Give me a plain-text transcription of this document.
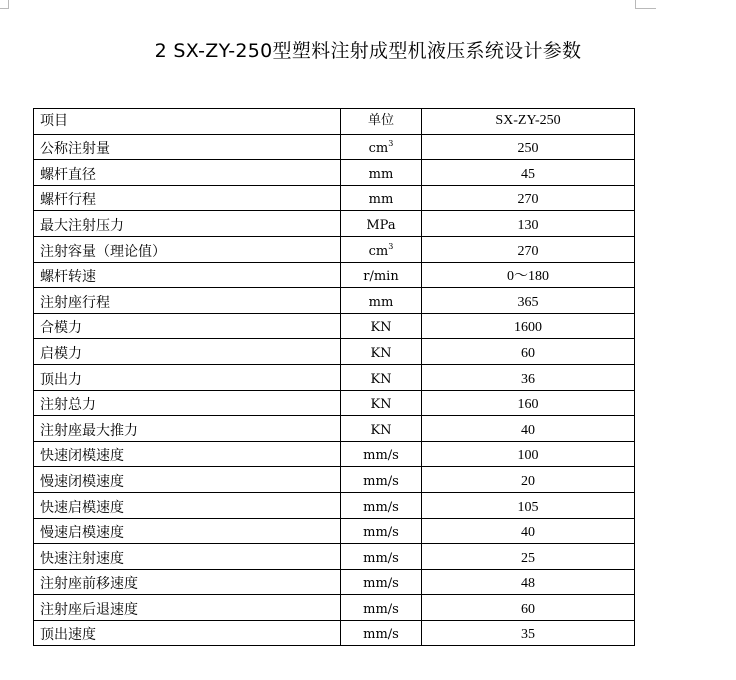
2 SX-ZY-250型塑料注射成型机液压系统设计参数
项目	单位	SX-ZY-250
公称注射量	$cm^3$	250
螺杆直径	mm	45
螺杆行程	mm	270
最大注射压力	MPa	130
注射容量（理论值）	$cm^3$	270
螺杆转速	r/min	0～180
注射座行程	mm	365
合模力	KN	1600
启模力	KN	60
顶出力	KN	36
注射总力	KN	160
注射座最大推力	KN	40
快速闭模速度	mm/s	100
慢速闭模速度	mm/s	20
快速启模速度	mm/s	105
慢速启模速度	mm/s	40
快速注射速度	mm/s	25
注射座前移速度	mm/s	48
注射座后退速度	mm/s	60
顶出速度	mm/s	35
